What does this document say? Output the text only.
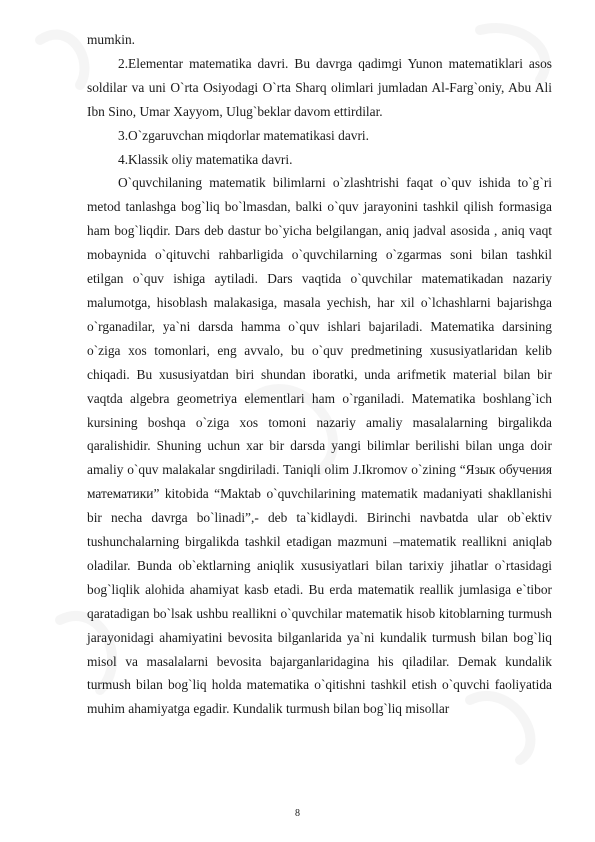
mumkin.

2.Elementar matematika davri. Bu davrga qadimgi Yunon matematiklari asos soldilar va uni O`rta Osiyodagi O`rta Sharq olimlari jumladan Al-Farg`oniy, Abu Ali Ibn Sino, Umar Xayyom, Ulug`beklar davom ettirdilar.

3.O`zgaruvchan miqdorlar matematikasi davri.

4.Klassik oliy matematika davri.

O`quvchilaning matematik bilimlarni o`zlashtrishi faqat o`quv ishida to`g`ri metod tanlashga bog`liq bo`lmasdan, balki o`quv jarayonini tashkil qilish formasiga ham bog`liqdir. Dars deb dastur bo`yicha belgilangan, aniq jadval asosida , aniq vaqt mobaynida o`qituvchi rahbarligida o`quvchilarning o`zgarmas soni bilan tashkil etilgan o`quv ishiga aytiladi. Dars vaqtida o`quvchilar matematikadan nazariy malumotga, hisoblash malakasiga, masala yechish, har xil o`lchashlarni bajarishga o`rganadilar, ya`ni darsda hamma o`quv ishlari bajariladi. Matematika darsining o`ziga xos tomonlari, eng avvalo, bu o`quv predmetining xususiyatlaridan kelib chiqadi. Bu xususiyatdan biri shundan iboratki, unda arifmetik material bilan bir vaqtda algebra geometriya elementlari ham o`rganiladi. Matematika boshlang`ich kursining boshqa o`ziga xos tomoni nazariy amaliy masalalarning birgalikda qaralishidir. Shuning uchun xar bir darsda yangi bilimlar berilishi bilan unga doir amaliy o`quv malakalar sngdiriladi. Taniqli olim J.Ikromov o`zining “Язык обучения математики” kitobida “Maktab o`quvchilarining matematik madaniyati shakllanishi bir necha davrga bo`linadi”,- deb ta`kidlaydi. Birinchi navbatda ular ob`ektiv tushunchalarning birgalikda tashkil etadigan mazmuni –matematik reallikni aniqlab oladilar. Bunda ob`ektlarning aniqlik xususiyatlari bilan tarixiy jihatlar o`rtasidagi bog`liqlik alohida ahamiyat kasb etadi. Bu erda matematik reallik jumlasiga e`tibor qaratadigan bo`lsak ushbu reallikni o`quvchilar matematik hisob kitoblarning turmush jarayonidagi ahamiyatini bevosita bilganlarida ya`ni kundalik turmush bilan bog`liq misol va masalalarni bevosita bajarganlaridagina his qiladilar. Demak kundalik turmush bilan bog`liq holda matematika o`qitishni tashkil etish o`quvchi faoliyatida muhim ahamiyatga egadir. Kundalik turmush bilan bog`liq misollar

8
